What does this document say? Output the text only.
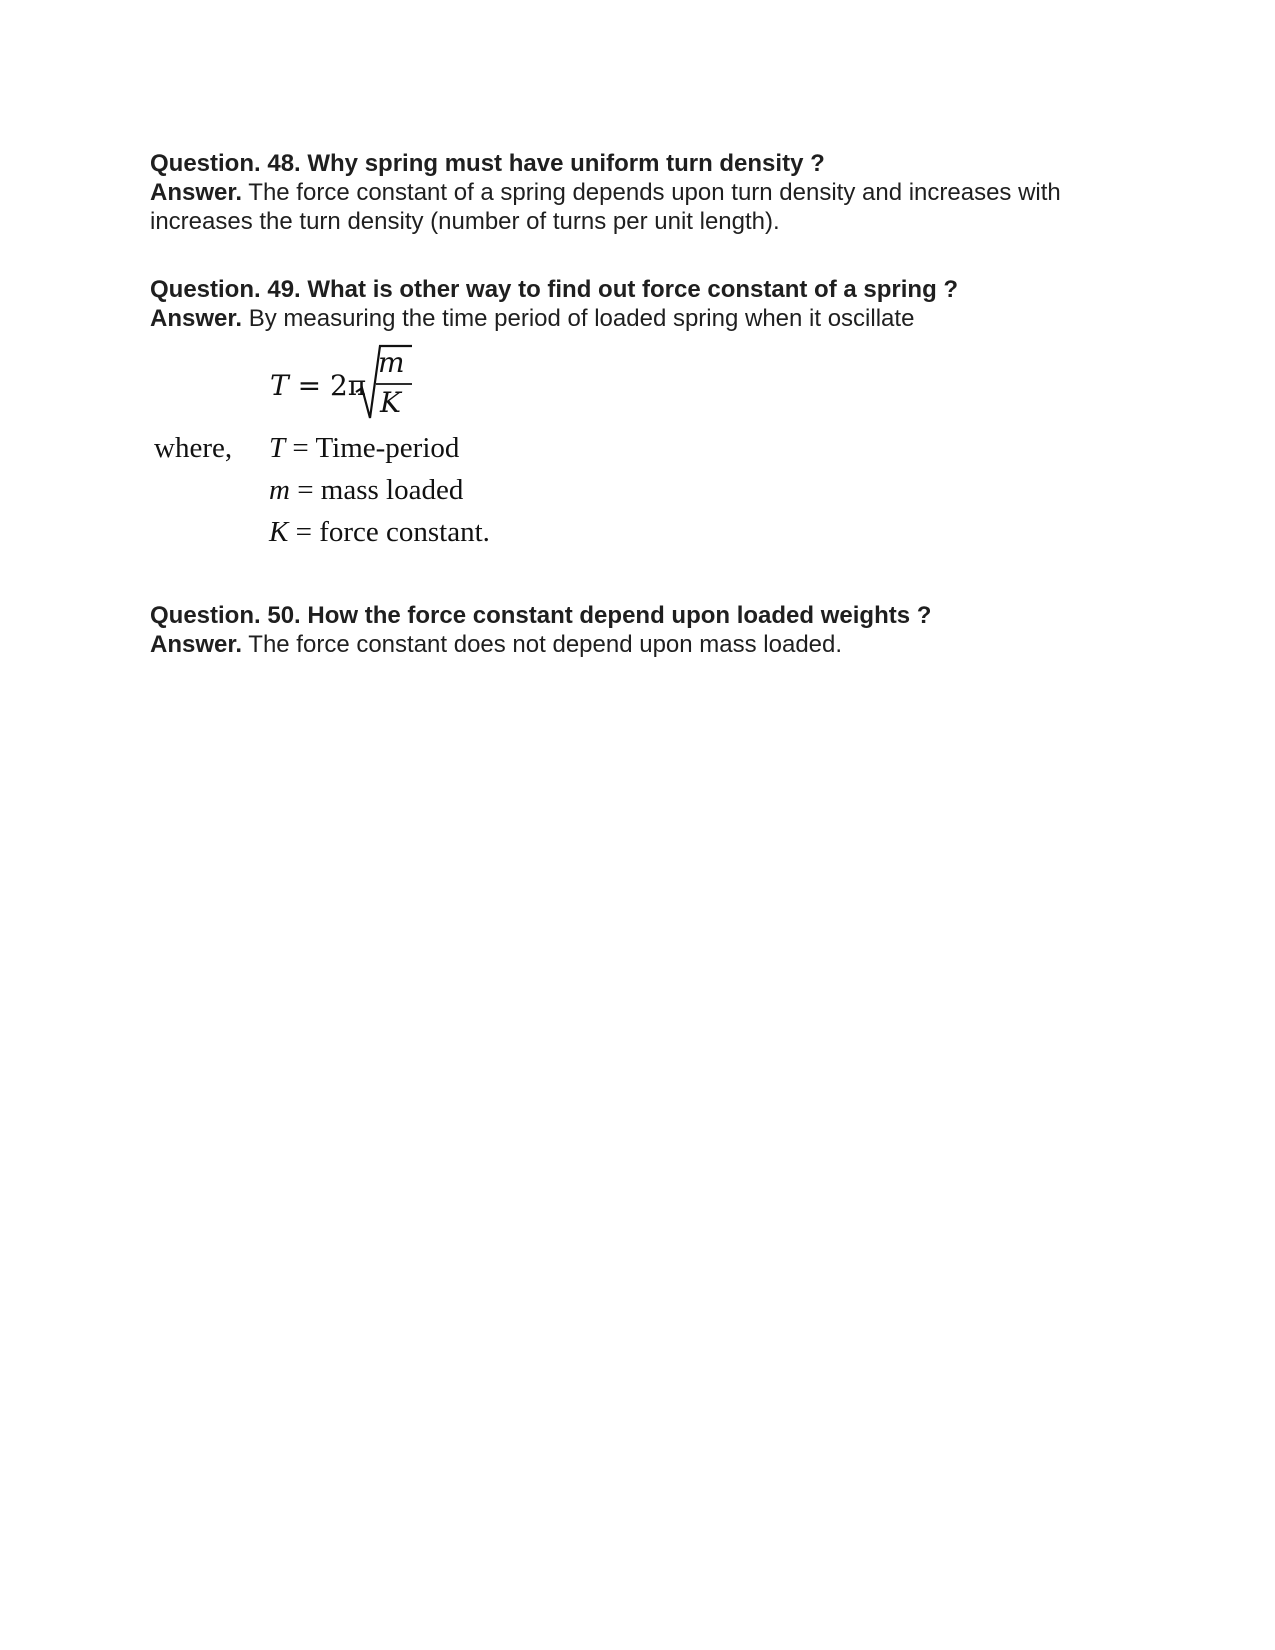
Question. 48. Why spring must have uniform turn density ?

Answer. The force constant of a spring depends upon turn density and increases with increases the turn density (number of turns per unit length).

Question. 49. What is other way to find out force constant of a spring ?

Answer. By measuring the time period of loaded spring when it oscillate

T = 2π
m
K
where, T = Time-period
m = mass loaded
K = force constant.

Question. 50. How the force constant depend upon loaded weights ?

Answer. The force constant does not depend upon mass loaded.
